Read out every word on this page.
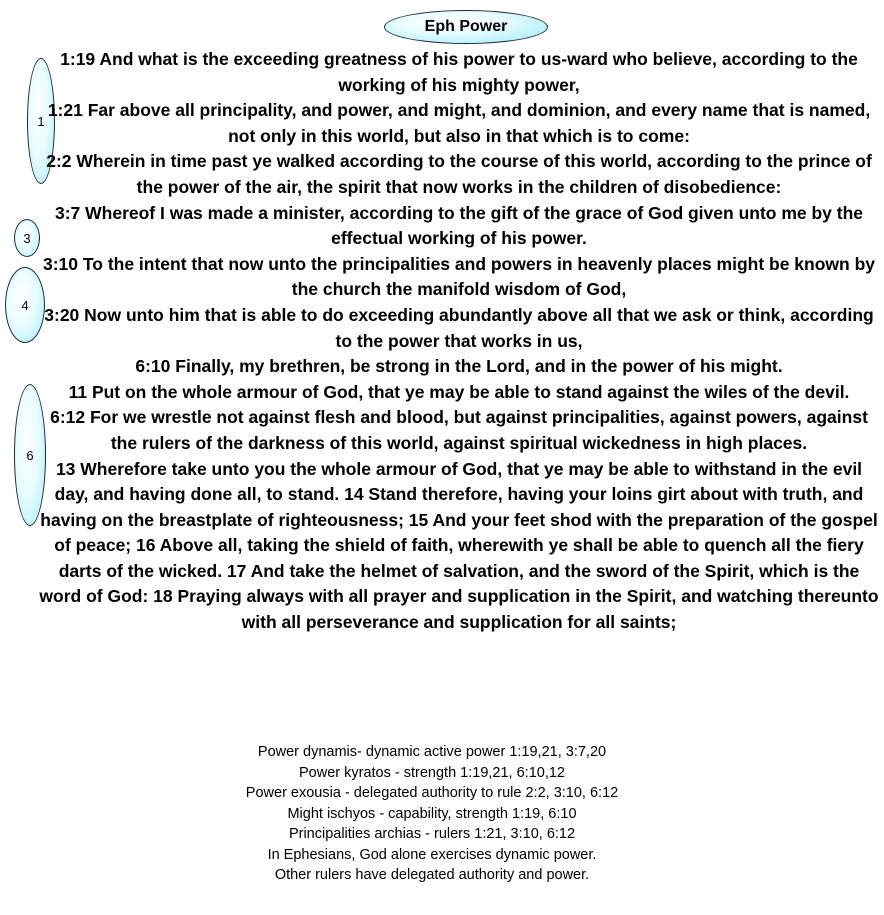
Eph Power
1
3
4
6

1:19 And what is the exceeding greatness of his power to us-ward who believe, according to the working of his mighty power,

1:21 Far above all principality, and power, and might, and dominion, and every name that is named, not only in this world, but also in that which is to come:

2:2 Wherein in time past ye walked according to the course of this world, according to the prince of the power of the air, the spirit that now works in the children of disobedience:

3:7 Whereof I was made a minister, according to the gift of the grace of God given unto me by the effectual working of his power.

3:10 To the intent that now unto the principalities and powers in heavenly places might be known by the church the manifold wisdom of God,

3:20 Now unto him that is able to do exceeding abundantly above all that we ask or think, according to the power that works in us,

6:10 Finally, my brethren, be strong in the Lord, and in the power of his might.

11 Put on the whole armour of God, that ye may be able to stand against the wiles of the devil.

6:12 For we wrestle not against flesh and blood, but against principalities, against powers, against the rulers of the darkness of this world, against spiritual wickedness in high places.

13 Wherefore take unto you the whole armour of God, that ye may be able to withstand in the evil day, and having done all, to stand. 14 Stand therefore, having your loins girt about with truth, and having on the breastplate of righteousness; 15 And your feet shod with the preparation of the gospel of peace; 16 Above all, taking the shield of faith, wherewith ye shall be able to quench all the fiery darts of the wicked. 17 And take the helmet of salvation, and the sword of the Spirit, which is the word of God: 18 Praying always with all prayer and supplication in the Spirit, and watching thereunto with all perseverance and supplication for all saints;

Power dynamis- dynamic active power 1:19,21, 3:7,20

Power kyratos - strength 1:19,21, 6:10,12

Power exousia - delegated authority to rule 2:2, 3:10, 6:12

Might ischyos - capability, strength 1:19, 6:10

Principalities archias - rulers 1:21, 3:10, 6:12

In Ephesians, God alone exercises dynamic power.

Other rulers have delegated authority and power.
